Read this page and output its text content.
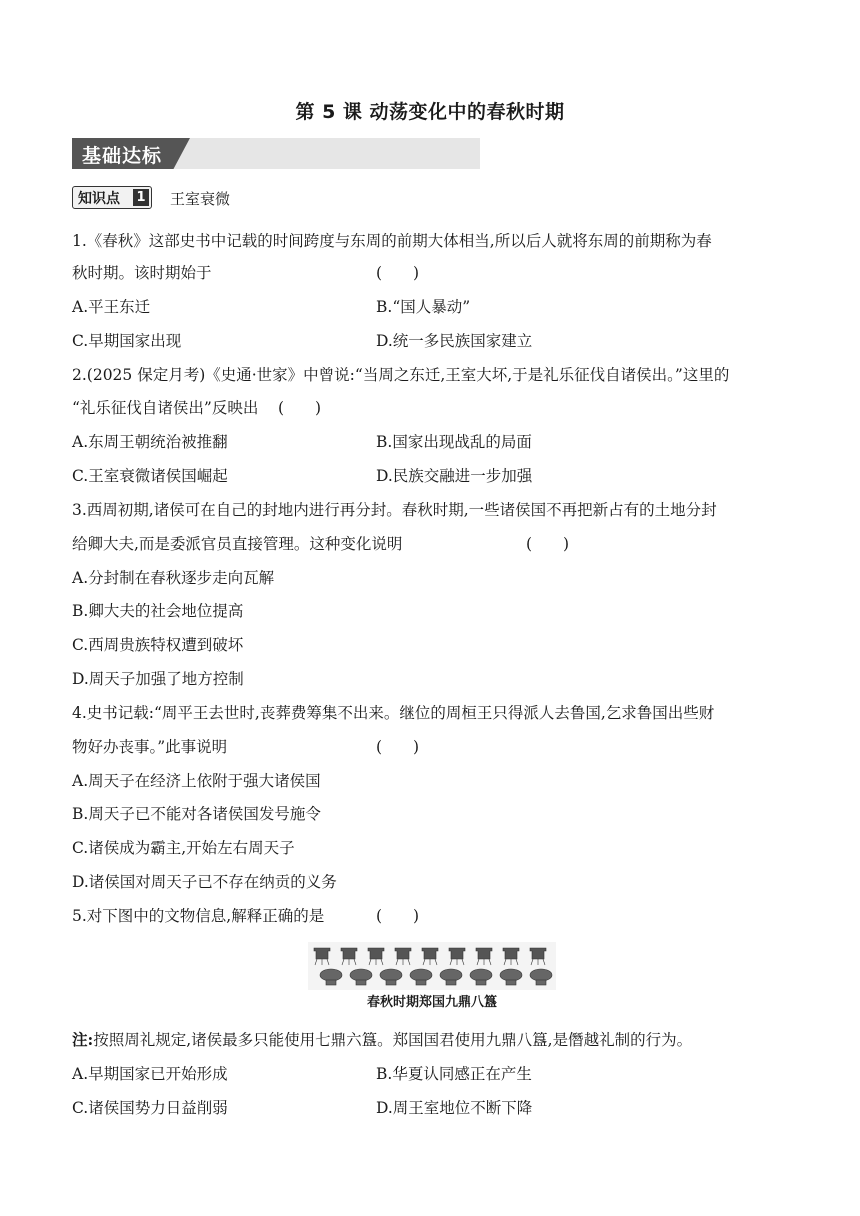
第 5 课 动荡变化中的春秋时期
基础达标
知识点 1 王室衰微
1.《春秋》这部史书中记载的时间跨度与东周的前期大体相当,所以后人就将东周的前期称为春
秋时期。该时期始于	(　　)
A.平王东迁	B.“国人暴动”
C.早期国家出现	D.统一多民族国家建立
2.(2025 保定月考)《史通·世家》中曾说:“当周之东迁,王室大坏,于是礼乐征伐自诸侯出。”这里的
“礼乐征伐自诸侯出”反映出 (　　)
A.东周王朝统治被推翻	B.国家出现战乱的局面
C.王室衰微诸侯国崛起	D.民族交融进一步加强
3.西周初期,诸侯可在自己的封地内进行再分封。春秋时期,一些诸侯国不再把新占有的土地分封
给卿大夫,而是委派官员直接管理。这种变化说明	(　　)
A.分封制在春秋逐步走向瓦解
B.卿大夫的社会地位提高
C.西周贵族特权遭到破坏
D.周天子加强了地方控制
4.史书记载:“周平王去世时,丧葬费筹集不出来。继位的周桓王只得派人去鲁国,乞求鲁国出些财
物好办丧事。”此事说明	(　　)
A.周天子在经济上依附于强大诸侯国
B.周天子已不能对各诸侯国发号施令
C.诸侯成为霸主,开始左右周天子
D.诸侯国对周天子已不存在纳贡的义务
5.对下图中的文物信息,解释正确的是	(　　)
春秋时期郑国九鼎八簋
注:按照周礼规定,诸侯最多只能使用七鼎六簋。郑国国君使用九鼎八簋,是僭越礼制的行为。
A.早期国家已开始形成	B.华夏认同感正在产生
C.诸侯国势力日益削弱	D.周王室地位不断下降
